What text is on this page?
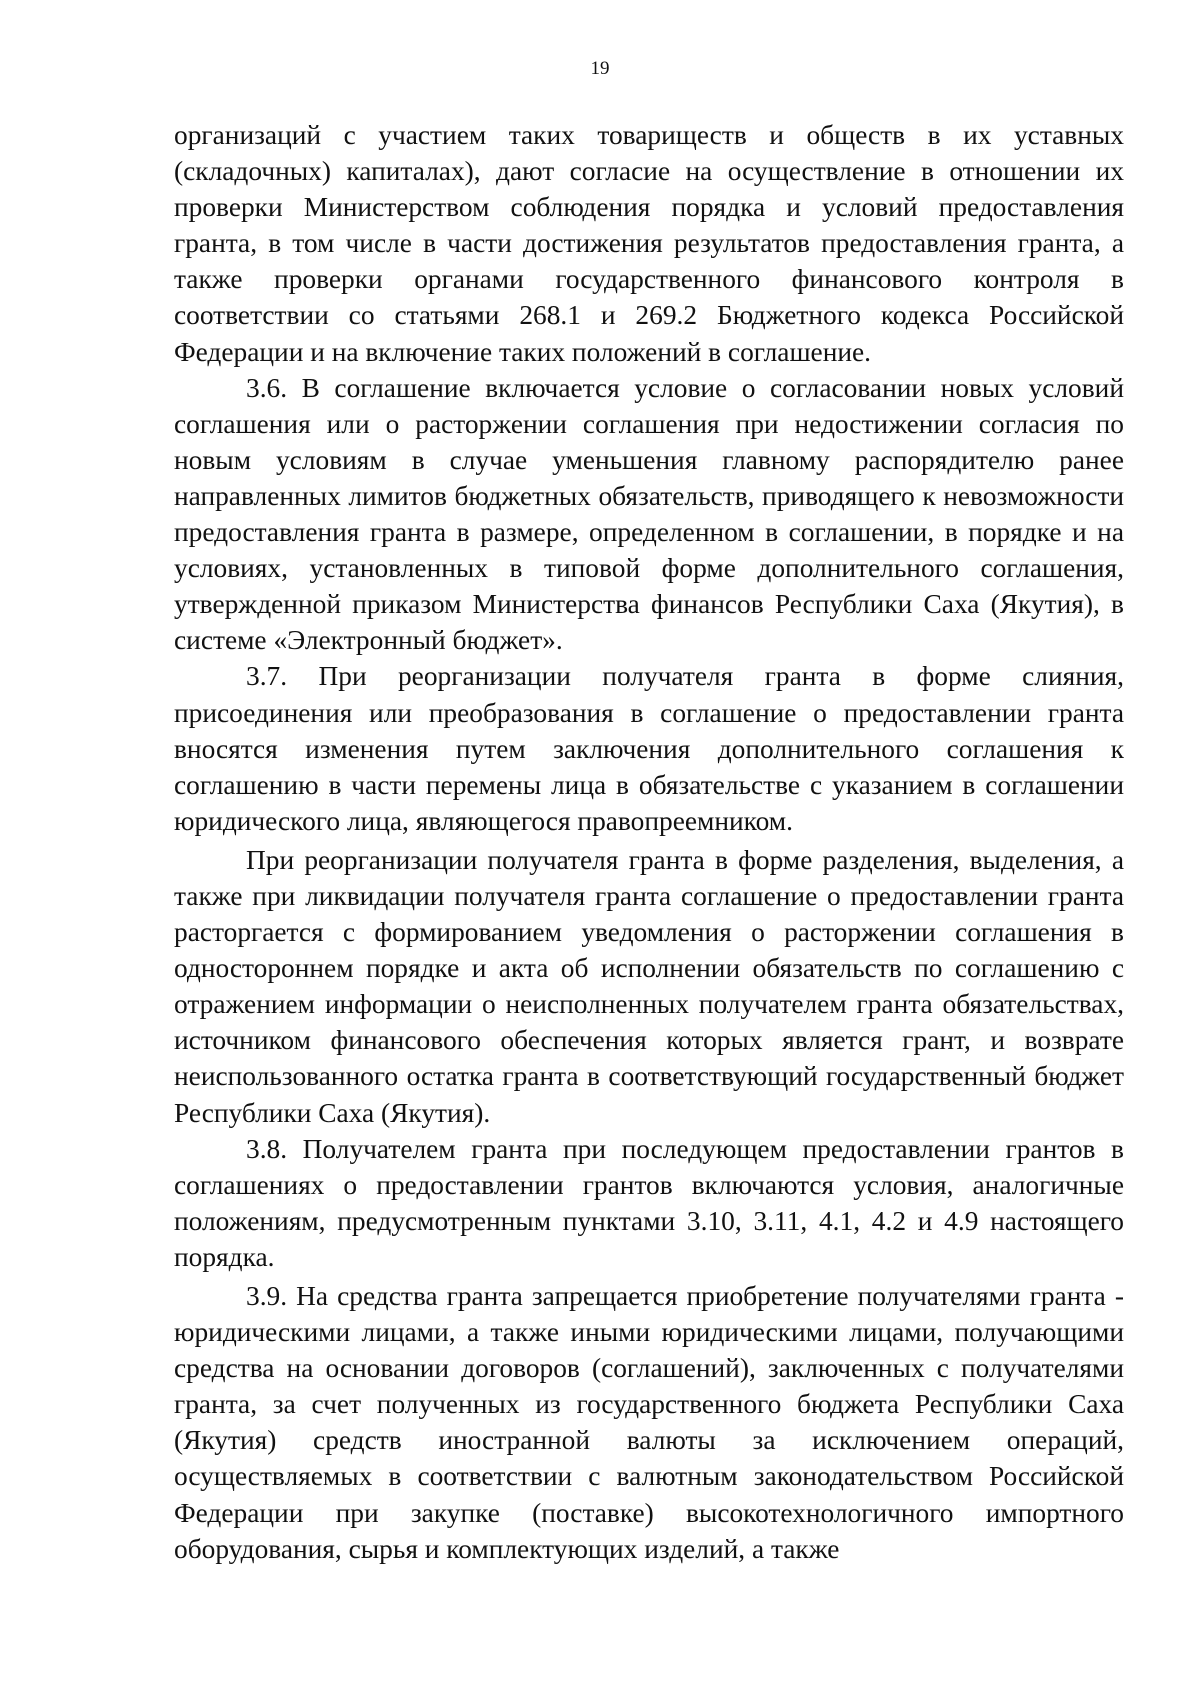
19

организаций с участием таких товариществ и обществ в их уставных (складочных) капиталах), дают согласие на осуществление в отношении их проверки Министерством соблюдения порядка и условий предоставления гранта, в том числе в части достижения результатов предоставления гранта, а также проверки органами государственного финансового контроля в соответствии со статьями 268.1 и 269.2 Бюджетного кодекса Российской Федерации и на включение таких положений в соглашение.

3.6. В соглашение включается условие о согласовании новых условий соглашения или о расторжении соглашения при недостижении согласия по новым условиям в случае уменьшения главному распорядителю ранее направленных лимитов бюджетных обязательств, приводящего к невозможности предоставления гранта в размере, определенном в соглашении, в порядке и на условиях, установленных в типовой форме дополнительного соглашения, утвержденной приказом Министерства финансов Республики Саха (Якутия), в системе «Электронный бюджет».

3.7. При реорганизации получателя гранта в форме слияния, присоединения или преобразования в соглашение о предоставлении гранта вносятся изменения путем заключения дополнительного соглашения к соглашению в части перемены лица в обязательстве с указанием в соглашении юридического лица, являющегося правопреемником.

При реорганизации получателя гранта в форме разделения, выделения, а также при ликвидации получателя гранта соглашение о предоставлении гранта расторгается с формированием уведомления о расторжении соглашения в одностороннем порядке и акта об исполнении обязательств по соглашению с отражением информации о неисполненных получателем гранта обязательствах, источником финансового обеспечения которых является грант, и возврате неиспользованного остатка гранта в соответствующий государственный бюджет Республики Саха (Якутия).

3.8. Получателем гранта при последующем предоставлении грантов в соглашениях о предоставлении грантов включаются условия, аналогичные положениям, предусмотренным пунктами 3.10, 3.11, 4.1, 4.2 и 4.9 настоящего порядка.

3.9. На средства гранта запрещается приобретение получателями гранта - юридическими лицами, а также иными юридическими лицами, получающими средства на основании договоров (соглашений), заключенных с получателями гранта, за счет полученных из государственного бюджета Республики Саха (Якутия) средств иностранной валюты за исключением операций, осуществляемых в соответствии с валютным законодательством Российской Федерации при закупке (поставке) высокотехнологичного импортного оборудования, сырья и комплектующих изделий, а также
